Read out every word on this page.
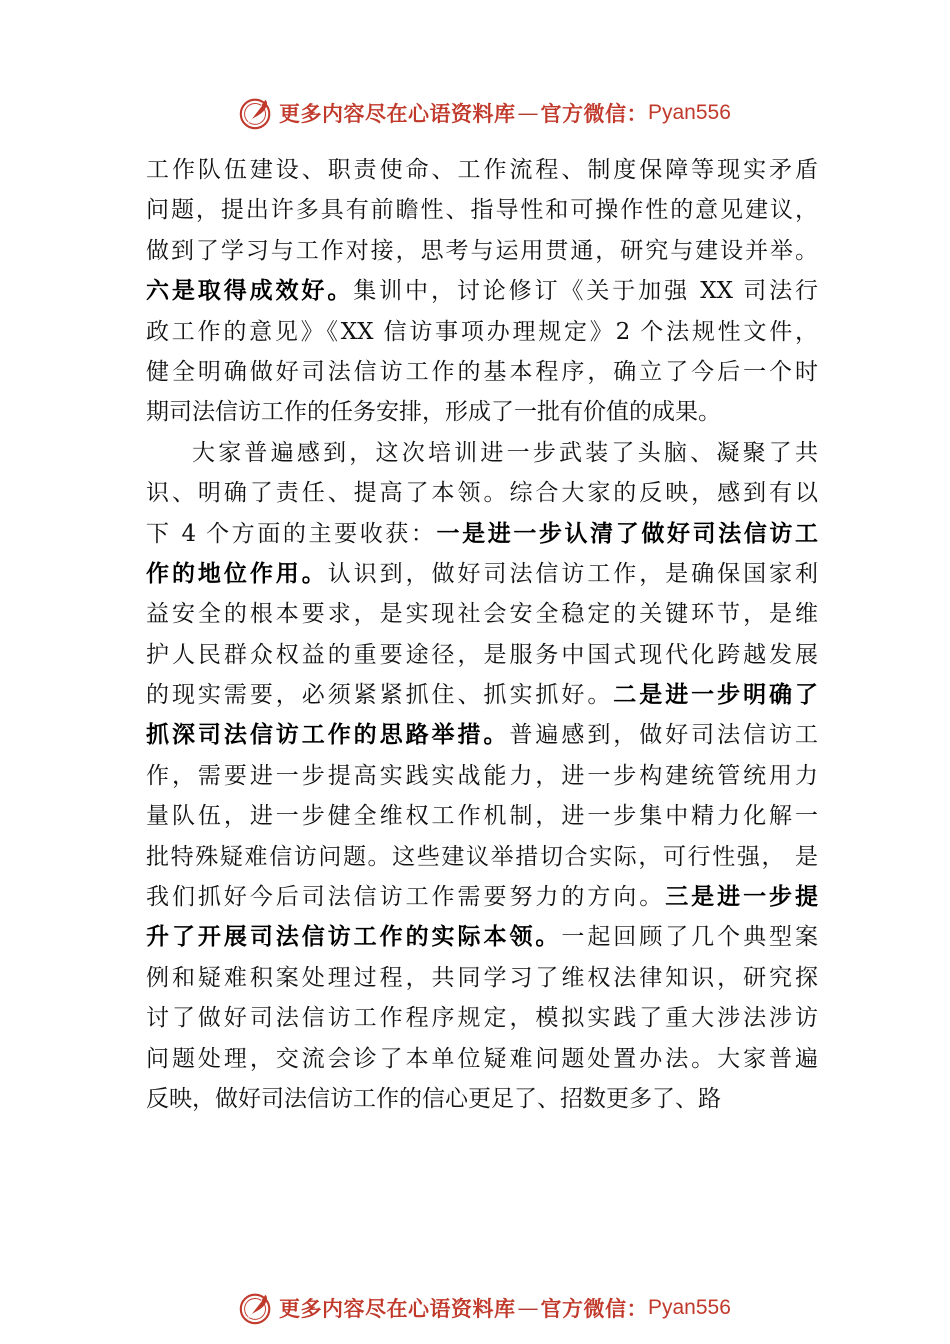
更多内容尽在心语资料库 — 官方微信： Pyan556
工作队伍建设、职责使命、工作流程、制度保障等现实矛盾
问题，提出许多具有前瞻性、指导性和可操作性的意见建议，
做到了学习与工作对接，思考与运用贯通，研究与建设并举。
六是取得成效好。集训中，讨论修订《关于加强 XX 司法行
政工作的意见》《XX 信访事项办理规定》2 个法规性文件，
健全明确做好司法信访工作的基本程序，确立了今后一个时
期司法信访工作的任务安排，形成了一批有价值的成果。
大家普遍感到，这次培训进一步武装了头脑、凝聚了共
识、明确了责任、提高了本领。综合大家的反映，感到有以
下 4 个方面的主要收获：一是进一步认清了做好司法信访工
作的地位作用。认识到，做好司法信访工作，是确保国家利
益安全的根本要求，是实现社会安全稳定的关键环节，是维
护人民群众权益的重要途径，是服务中国式现代化跨越发展
的现实需要，必须紧紧抓住、抓实抓好。二是进一步明确了
抓深司法信访工作的思路举措。普遍感到，做好司法信访工
作，需要进一步提高实践实战能力，进一步构建统管统用力
量队伍，进一步健全维权工作机制，进一步集中精力化解一
批特殊疑难信访问题。这些建议举措切合实际，可行性强， 是
我们抓好今后司法信访工作需要努力的方向。三是进一步提
升了开展司法信访工作的实际本领。一起回顾了几个典型案
例和疑难积案处理过程，共同学习了维权法律知识，研究探
讨了做好司法信访工作程序规定，模拟实践了重大涉法涉访
问题处理，交流会诊了本单位疑难问题处置办法。大家普遍
反映，做好司法信访工作的信心更足了、招数更多了、路
更多内容尽在心语资料库 — 官方微信： Pyan556
